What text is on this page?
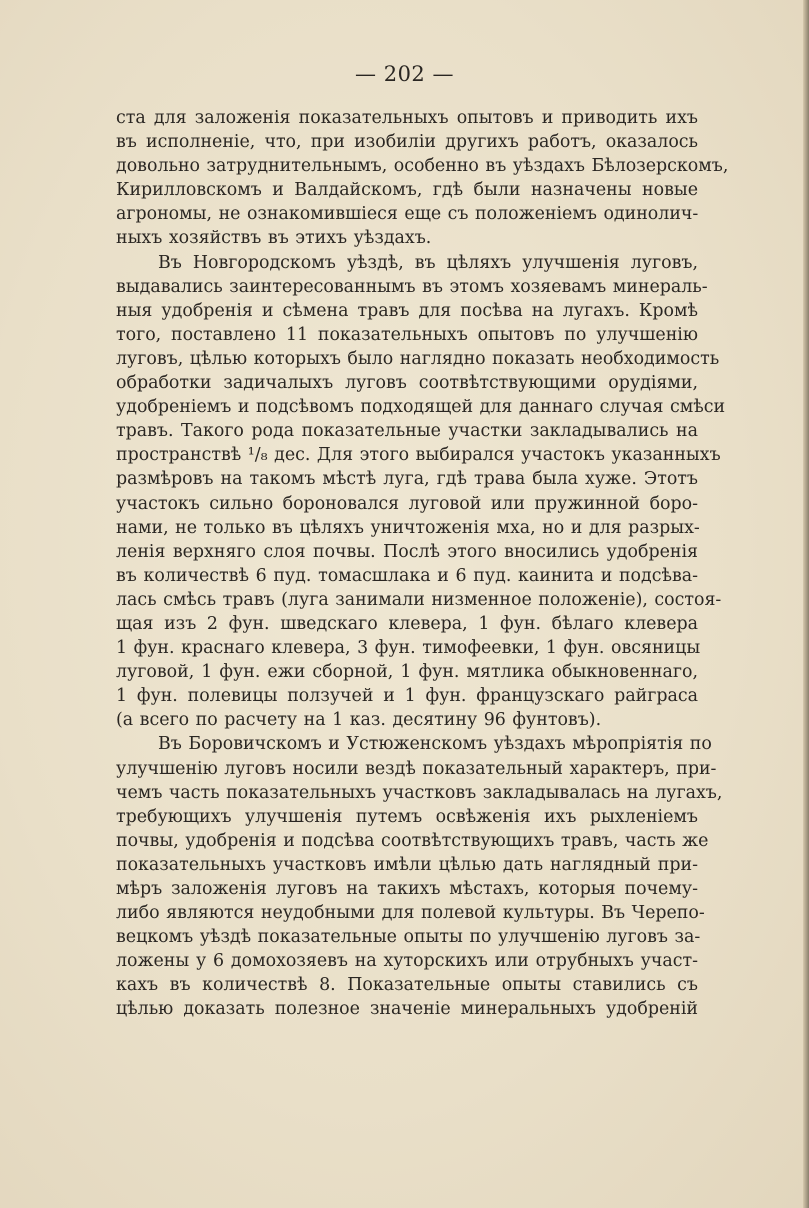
— 202 —
ста для заложенія показательныхъ опытовъ и приводить ихъ
въ исполненіе, что, при изобиліи другихъ работъ, оказалось
довольно затруднительнымъ, особенно въ уѣздахъ Бѣлозерскомъ,
Кирилловскомъ и Валдайскомъ, гдѣ были назначены новые
агрономы, не ознакомившіеся еще съ положеніемъ одинолич-
ныхъ хозяйствъ въ этихъ уѣздахъ.
Въ Новгородскомъ уѣздѣ, въ цѣляхъ улучшенія луговъ,
выдавались заинтересованнымъ въ этомъ хозяевамъ минераль-
ныя удобренія и сѣмена травъ для посѣва на лугахъ. Кромѣ
того, поставлено 11 показательныхъ опытовъ по улучшенію
луговъ, цѣлью которыхъ было наглядно показать необходимость
обработки задичалыхъ луговъ соотвѣтствующими орудіями,
удобреніемъ и подсѣвомъ подходящей для даннаго случая смѣси
травъ. Такого рода показательные участки закладывались на
пространствѣ ¹/₈ дес. Для этого выбирался участокъ указанныхъ
размѣровъ на такомъ мѣстѣ луга, гдѣ трава была хуже. Этотъ
участокъ сильно бороновался луговой или пружинной боро-
нами, не только въ цѣляхъ уничтоженія мха, но и для разрых-
ленія верхняго слоя почвы. Послѣ этого вносились удобренія
въ количествѣ 6 пуд. томасшлака и 6 пуд. каинита и подсѣва-
лась смѣсь травъ (луга занимали низменное положеніе), состоя-
щая изъ 2 фун. шведскаго клевера, 1 фун. бѣлаго клевера
1 фун. краснаго клевера, 3 фун. тимофеевки, 1 фун. овсяницы
луговой, 1 фун. ежи сборной, 1 фун. мятлика обыкновеннаго,
1 фун. полевицы ползучей и 1 фун. французскаго райграса
(а всего по расчету на 1 каз. десятину 96 фунтовъ).
Въ Боровичскомъ и Устюженскомъ уѣздахъ мѣропріятія по
улучшенію луговъ носили вездѣ показательный характеръ, при-
чемъ часть показательныхъ участковъ закладывалась на лугахъ,
требующихъ улучшенія путемъ освѣженія ихъ рыхленіемъ
почвы, удобренія и подсѣва соотвѣтствующихъ травъ, часть же
показательныхъ участковъ имѣли цѣлью дать наглядный при-
мѣръ заложенія луговъ на такихъ мѣстахъ, которыя почему-
либо являются неудобными для полевой культуры. Въ Черепо-
вецкомъ уѣздѣ показательные опыты по улучшенію луговъ за-
ложены у 6 домохозяевъ на хуторскихъ или отрубныхъ участ-
кахъ въ количествѣ 8. Показательные опыты ставились съ
цѣлью доказать полезное значеніе минеральныхъ удобреній
